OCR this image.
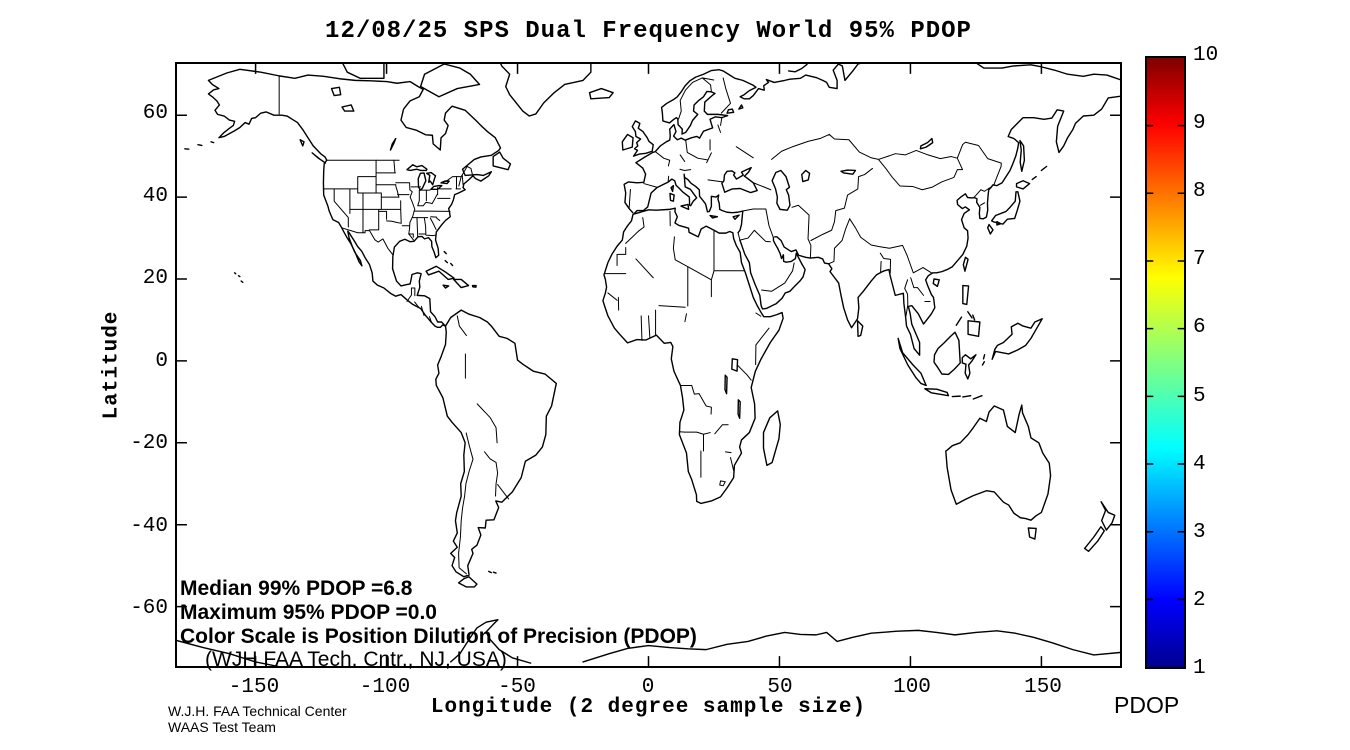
12/08/25 SPS Dual Frequency World 95% PDOP
-150	-100	-50	0	50	100	150
60
40
20
0
-20
-40
-60
Longitude (2 degree sample size)
Latitude
Median 99% PDOP =6.8
Maximum 95% PDOP =0.0
Color Scale is Position Dilution of Precision (PDOP)
(WJH FAA Tech. Cntr., NJ, USA)
10
9
8
7
6
5
4
3
2
1
PDOP
W.J.H. FAA Technical Center
WAAS Test Team
